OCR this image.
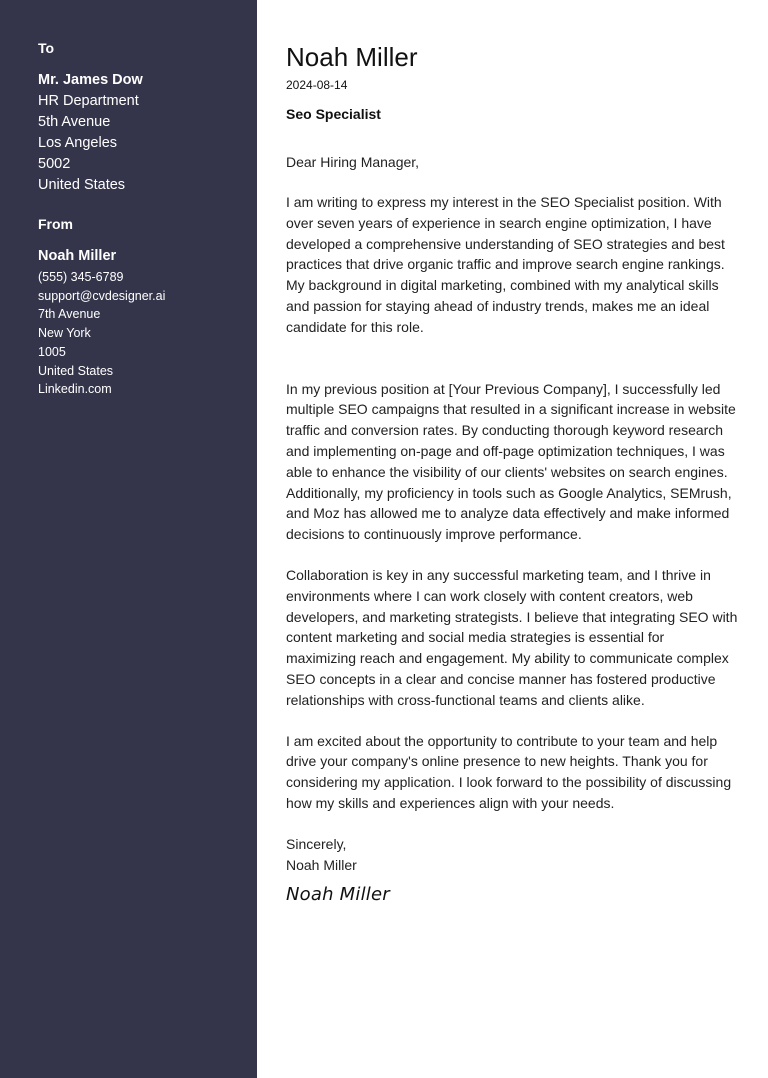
To
Mr. James Dow
HR Department
5th Avenue
Los Angeles
5002
United States
From
Noah Miller
(555) 345-6789
support@cvdesigner.ai
7th Avenue
New York
1005
United States
Linkedin.com
Noah Miller
2024-08-14
Seo Specialist
Dear Hiring Manager,

I am writing to express my interest in the SEO Specialist position. With over seven years of experience in search engine optimization, I have developed a comprehensive understanding of SEO strategies and best practices that drive organic traffic and improve search engine rankings. My background in digital marketing, combined with my analytical skills and passion for staying ahead of industry trends, makes me an ideal candidate for this role.

In my previous position at [Your Previous Company], I successfully led multiple SEO campaigns that resulted in a significant increase in website traffic and conversion rates. By conducting thorough keyword research and implementing on-page and off-page optimization techniques, I was able to enhance the visibility of our clients' websites on search engines. Additionally, my proficiency in tools such as Google Analytics, SEMrush, and Moz has allowed me to analyze data effectively and make informed decisions to continuously improve performance.

Collaboration is key in any successful marketing team, and I thrive in environments where I can work closely with content creators, web developers, and marketing strategists. I believe that integrating SEO with content marketing and social media strategies is essential for maximizing reach and engagement. My ability to communicate complex SEO concepts in a clear and concise manner has fostered productive relationships with cross-functional teams and clients alike.

I am excited about the opportunity to contribute to your team and help drive your company's online presence to new heights. Thank you for considering my application. I look forward to the possibility of discussing how my skills and experiences align with your needs.

Sincerely,
Noah Miller
Noah Miller
